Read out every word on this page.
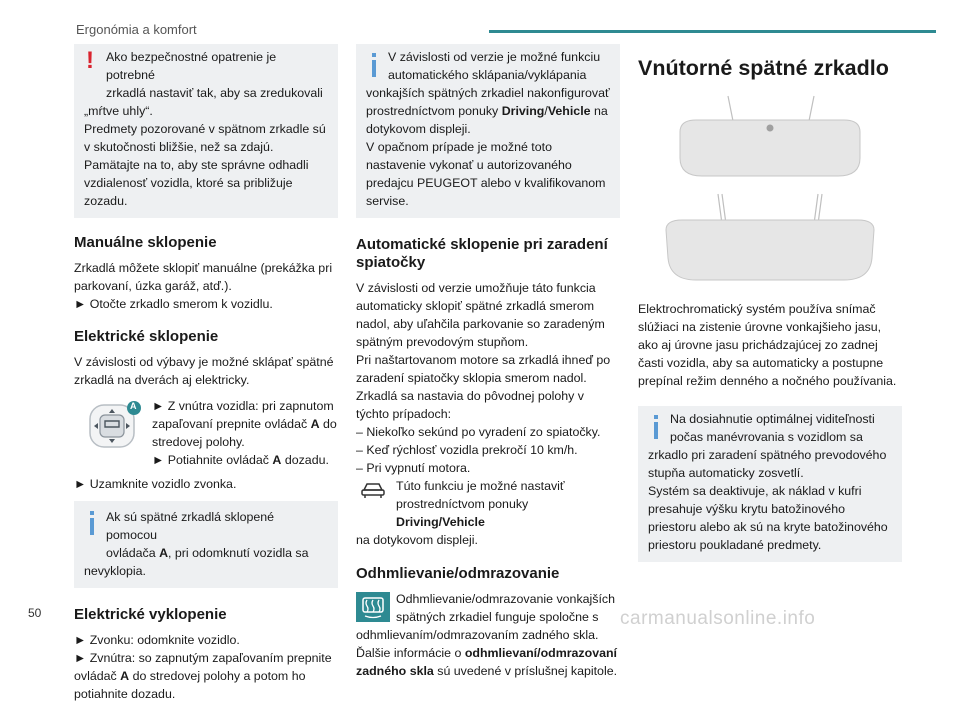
Ergonómia a komfort
! Ako bezpečnostné opatrenie je potrebné
zrkadlá nastaviť tak, aby sa zredukovali
„mŕtve uhly“.
Predmety pozorované v spätnom zrkadle sú v skutočnosti bližšie, než sa zdajú. Pamätajte na to, aby ste správne odhadli vzdialenosť vozidla, ktoré sa približuje zozadu.
Manuálne sklopenie

Zrkadlá môžete sklopiť manuálne (prekážka pri parkovaní, úzka garáž, atď.).

► Otočte zrkadlo smerom k vozidlu.

Elektrické sklopenie

V závislosti od výbavy je možné sklápať spätné zrkadlá na dverách aj elektricky.

A ► Z vnútra vozidla: pri zapnutom zapaľovaní prepnite ovládač A do stredovej polohy.
► Potiahnite ovládač A dozadu.

► Uzamknite vozidlo zvonka.

Ak sú spätné zrkadlá sklopené pomocou
ovládača A, pri odomknutí vozidla sa
nevyklopia.
Elektrické vyklopenie

► Zvonku: odomknite vozidlo.

► Zvnútra: so zapnutým zapaľovaním prepnite ovládač A do stredovej polohy a potom ho potiahnite dozadu.

V závislosti od verzie je možné funkciu
automatického sklápania/vyklápania
vonkajších spätných zrkadiel nakonfigurovať
prostredníctvom ponuky Driving/Vehicle na
dotykovom displeji.
V opačnom prípade je možné toto nastavenie vykonať u autorizovaného predajcu PEUGEOT alebo v kvalifikovanom servise.
Automatické sklopenie pri zaradení spiatočky

V závislosti od verzie umožňuje táto funkcia automaticky sklopiť spätné zrkadlá smerom nadol, aby uľahčila parkovanie so zaradeným spätným prevodovým stupňom.

Pri naštartovanom motore sa zrkadlá ihneď po zaradení spiatočky sklopia smerom nadol.

Zrkadlá sa nastavia do pôvodnej polohy v týchto prípadoch:

– Niekoľko sekúnd po vyradení zo spiatočky.

– Keď rýchlosť vozidla prekročí 10 km/h.

– Pri vypnutí motora.

Túto funkciu je možné nastaviť
prostredníctvom ponuky Driving/Vehicle
na dotykovom displeji.
Odhmlievanie/odmrazovanie
Odhmlievanie/odmrazovanie vonkajších
spätných zrkadiel funguje spoločne s
odhmlievaním/odmrazovaním zadného skla.
Ďalšie informácie o odhmlievaní/odmrazovaní
zadného skla sú uvedené v príslušnej kapitole.
Vnútorné spätné zrkadlo

Elektrochromatický systém používa snímač slúžiaci na zistenie úrovne vonkajšieho jasu, ako aj úrovne jasu prichádzajúcej zo zadnej časti vozidla, aby sa automaticky a postupne prepínal režim denného a nočného používania.

Na dosiahnutie optimálnej viditeľnosti
počas manévrovania s vozidlom sa
zrkadlo pri zaradení spätného prevodového
stupňa automaticky zosvetlí.
Systém sa deaktivuje, ak náklad v kufri presahuje výšku krytu batožinového priestoru alebo ak sú na kryte batožinového priestoru poukladané predmety.
50	carmanualsonline.info
